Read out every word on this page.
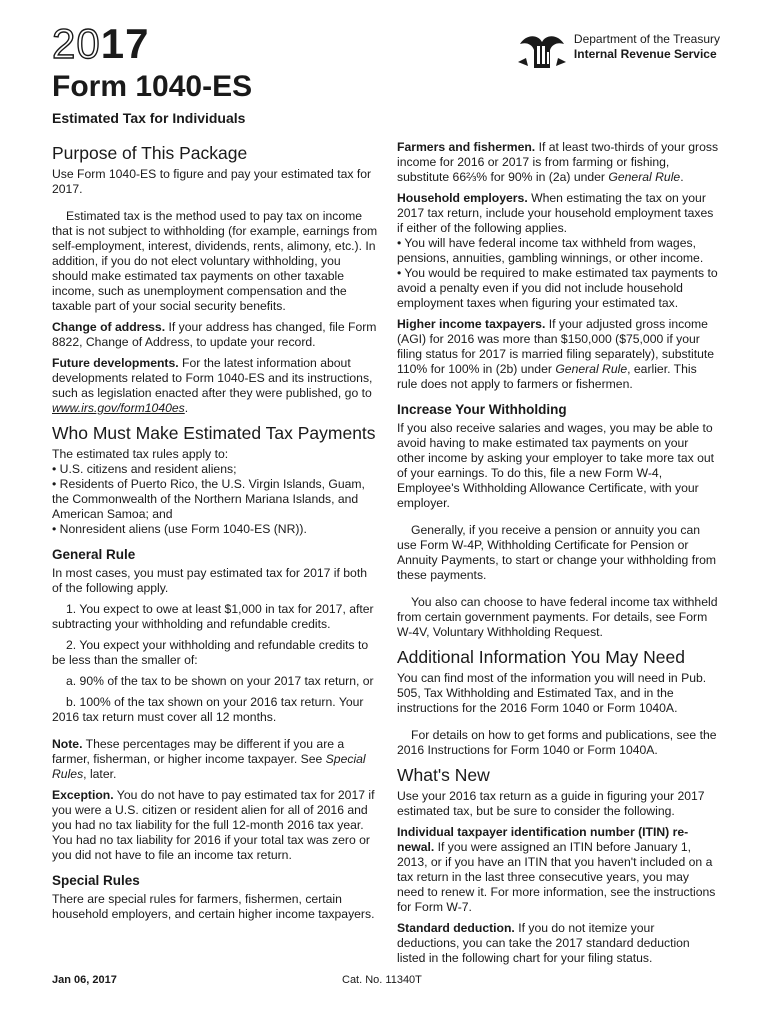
2017
Form 1040-ES
Estimated Tax for Individuals
Department of the Treasury
Internal Revenue Service
Purpose of This Package

Use Form 1040-ES to figure and pay your estimated tax for 2017.

Estimated tax is the method used to pay tax on income that is not subject to withholding (for example, earnings from self-employment, interest, dividends, rents, alimony, etc.). In addition, if you do not elect voluntary withholding, you should make estimated tax payments on other taxable income, such as unemployment compensation and the taxable part of your social security benefits.

Change of address. If your address has changed, file Form 8822, Change of Address, to update your record.

Future developments. For the latest information about developments related to Form 1040-ES and its instructions, such as legislation enacted after they were published, go to www.irs.gov/form1040es.

Who Must Make Estimated Tax Payments

The estimated tax rules apply to:

• U.S. citizens and resident aliens;

• Residents of Puerto Rico, the U.S. Virgin Islands, Guam, the Commonwealth of the Northern Mariana Islands, and American Samoa; and

• Nonresident aliens (use Form 1040-ES (NR)).

General Rule

In most cases, you must pay estimated tax for 2017 if both of the following apply.

1. You expect to owe at least $1,000 in tax for 2017, after subtracting your withholding and refundable credits.

2. You expect your withholding and refundable credits to be less than the smaller of:

a. 90% of the tax to be shown on your 2017 tax return, or

b. 100% of the tax shown on your 2016 tax return. Your 2016 tax return must cover all 12 months.

Note. These percentages may be different if you are a farmer, fisherman, or higher income taxpayer. See Special Rules, later.

Exception. You do not have to pay estimated tax for 2017 if you were a U.S. citizen or resident alien for all of 2016 and you had no tax liability for the full 12-month 2016 tax year. You had no tax liability for 2016 if your total tax was zero or you did not have to file an income tax return.

Special Rules

There are special rules for farmers, fishermen, certain household employers, and certain higher income taxpayers.

Farmers and fishermen. If at least two-thirds of your gross income for 2016 or 2017 is from farming or fishing, substitute 66⅔% for 90% in (2a) under General Rule.

Household employers. When estimating the tax on your 2017 tax return, include your household employment taxes if either of the following applies.

• You will have federal income tax withheld from wages, pensions, annuities, gambling winnings, or other income.

• You would be required to make estimated tax payments to avoid a penalty even if you did not include household employment taxes when figuring your estimated tax.

Higher income taxpayers. If your adjusted gross income (AGI) for 2016 was more than $150,000 ($75,000 if your filing status for 2017 is married filing separately), substitute 110% for 100% in (2b) under General Rule, earlier. This rule does not apply to farmers or fishermen.

Increase Your Withholding

If you also receive salaries and wages, you may be able to avoid having to make estimated tax payments on your other income by asking your employer to take more tax out of your earnings. To do this, file a new Form W-4, Employee's Withholding Allowance Certificate, with your employer.

Generally, if you receive a pension or annuity you can use Form W-4P, Withholding Certificate for Pension or Annuity Payments, to start or change your withholding from these payments.

You also can choose to have federal income tax withheld from certain government payments. For details, see Form W-4V, Voluntary Withholding Request.

Additional Information You May Need

You can find most of the information you will need in Pub. 505, Tax Withholding and Estimated Tax, and in the instructions for the 2016 Form 1040 or Form 1040A.

For details on how to get forms and publications, see the 2016 Instructions for Form 1040 or Form 1040A.

What's New

Use your 2016 tax return as a guide in figuring your 2017 estimated tax, but be sure to consider the following.

Individual taxpayer identification number (ITIN) re-newal. If you were assigned an ITIN before January 1, 2013, or if you have an ITIN that you haven't included on a tax return in the last three consecutive years, you may need to renew it. For more information, see the instructions for Form W-7.

Standard deduction. If you do not itemize your deductions, you can take the 2017 standard deduction listed in the following chart for your filing status.

Jan 06, 2017	Cat. No. 11340T
